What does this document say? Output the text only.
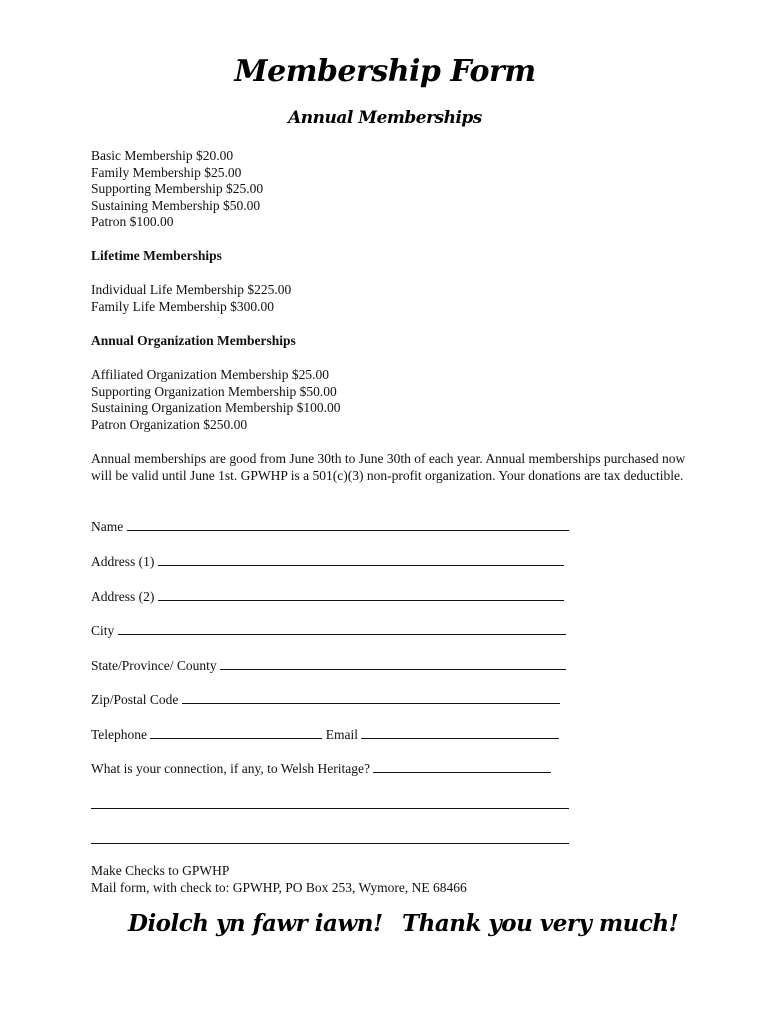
Membership Form
Annual Memberships
Basic Membership $20.00
Family Membership $25.00
Supporting Membership $25.00
Sustaining Membership $50.00
Patron $100.00
Lifetime Memberships
Individual Life Membership $225.00
Family Life Membership $300.00
Annual Organization Memberships
Affiliated Organization Membership $25.00
Supporting Organization Membership $50.00
Sustaining Organization Membership $100.00
Patron Organization $250.00
Annual memberships are good from June 30th to June 30th of each year. Annual memberships purchased now will be valid until June 1st. GPWHP is a 501(c)(3) non-profit organization. Your donations are tax deductible.
Name
Address (1)
Address (2)
City
State/Province/ County
Zip/Postal Code
Telephone	Email
What is your connection, if any, to Welsh Heritage?
Make Checks to GPWHP
Mail form, with check to: GPWHP, PO Box 253, Wymore, NE 68466
Diolch yn fawr iawn! Thank you very much!
